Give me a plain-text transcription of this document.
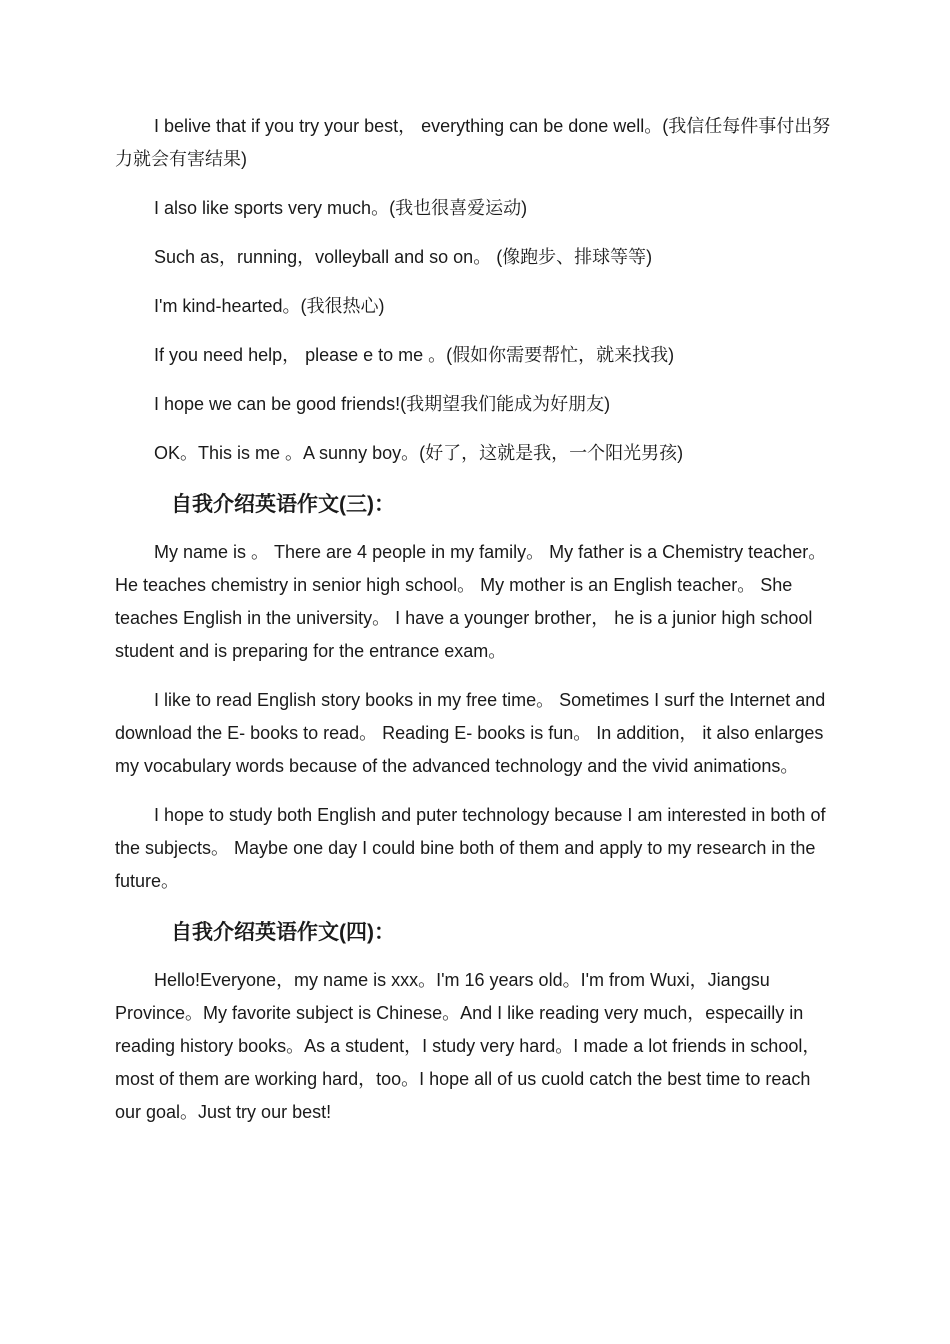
I belive that if you try your best， everything can be done well。(我信任每件事付出努力就会有害结果)

I also like sports very much。(我也很喜爱运动)

Such as，running，volleyball and so on。 (像跑步、排球等等)

I'm kind-hearted。(我很热心)

If you need help， please e to me 。(假如你需要帮忙，就来找我)

I hope we can be good friends!(我期望我们能成为好朋友)

OK。This is me 。A sunny boy。(好了，这就是我，一个阳光男孩)

自我介绍英语作文(三)：

My name is 。 There are 4 people in my family。 My father is a Chemistry teacher。 He teaches chemistry in senior high school。 My mother is an English teacher。 She teaches English in the university。 I have a younger brother， he is a junior high school student and is preparing for the entrance exam。

I like to read English story books in my free time。 Sometimes I surf the Internet and download the E- books to read。 Reading E- books is fun。 In addition， it also enlarges my vocabulary words because of the advanced technology and the vivid animations。

I hope to study both English and puter technology because I am interested in both of the subjects。 Maybe one day I could bine both of them and apply to my research in the future。

自我介绍英语作文(四)：

Hello!Everyone，my name is xxx。I'm 16 years old。I'm from Wuxi，Jiangsu Province。My favorite subject is Chinese。And I like reading very much，especailly in reading history books。As a student，I study very hard。I made a lot friends in school，most of them are working hard，too。I hope all of us cuold catch the best time to reach our goal。Just try our best!
